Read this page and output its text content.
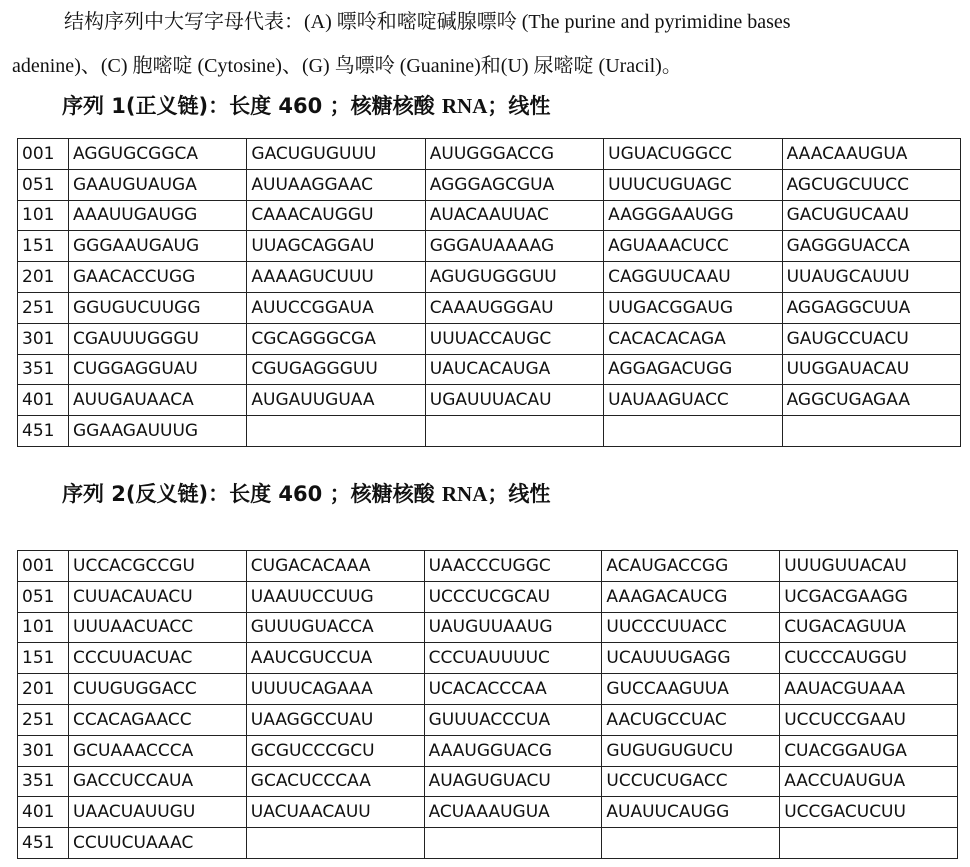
结构序列中大写字母代表：(A) 嘌呤和嘧啶碱腺嘌呤 (The purine and pyrimidine bases
adenine)、(C) 胞嘧啶 (Cytosine)、(G) 鸟嘌呤 (Guanine)和(U) 尿嘧啶 (Uracil)。

序列 1(正义链)：长度 460 ；核糖核酸 RNA；线性
001	AGGUGCGGCA	GACUGUGUUU	AUUGGGACCG	UGUACUGGCC	AAACAAUGUA
051	GAAUGUAUGA	AUUAAGGAAC	AGGGAGCGUA	UUUCUGUAGC	AGCUGCUUCC
101	AAAUUGAUGG	CAAACAUGGU	AUACAAUUAC	AAGGGAAUGG	GACUGUCAAU
151	GGGAAUGAUG	UUAGCAGGAU	GGGAUAAAAG	AGUAAACUCC	GAGGGUACCA
201	GAACACCUGG	AAAAGUCUUU	AGUGUGGGUU	CAGGUUCAAU	UUAUGCAUUU
251	GGUGUCUUGG	AUUCCGGAUA	CAAAUGGGAU	UUGACGGAUG	AGGAGGCUUA
301	CGAUUUGGGU	CGCAGGGCGA	UUUACCAUGC	CACACACAGA	GAUGCCUACU
351	CUGGAGGUAU	CGUGAGGGUU	UAUCACAUGA	AGGAGACUGG	UUGGAUACAU
401	AUUGAUAACA	AUGAUUGUAA	UGAUUUACAU	UAUAAGUACC	AGGCUGAGAA
451	GGAAGAUUUG				
序列 2(反义链)：长度 460 ；核糖核酸 RNA；线性
001	UCCACGCCGU	CUGACACAAA	UAACCCUGGC	ACAUGACCGG	UUUGUUACAU
051	CUUACAUACU	UAAUUCCUUG	UCCCUCGCAU	AAAGACAUCG	UCGACGAAGG
101	UUUAACUACC	GUUUGUACCA	UAUGUUAAUG	UUCCCUUACC	CUGACAGUUA
151	CCCUUACUAC	AAUCGUCCUA	CCCUAUUUUC	UCAUUUGAGG	CUCCCAUGGU
201	CUUGUGGACC	UUUUCAGAAA	UCACACCCAA	GUCCAAGUUA	AAUACGUAAA
251	CCACAGAACC	UAAGGCCUAU	GUUUACCCUA	AACUGCCUAC	UCCUCCGAAU
301	GCUAAACCCA	GCGUCCCGCU	AAAUGGUACG	GUGUGUGUCU	CUACGGAUGA
351	GACCUCCAUA	GCACUCCCAA	AUAGUGUACU	UCCUCUGACC	AACCUAUGUA
401	UAACUAUUGU	UACUAACAUU	ACUAAAUGUA	AUAUUCAUGG	UCCGACUCUU
451	CCUUCUAAAC				
